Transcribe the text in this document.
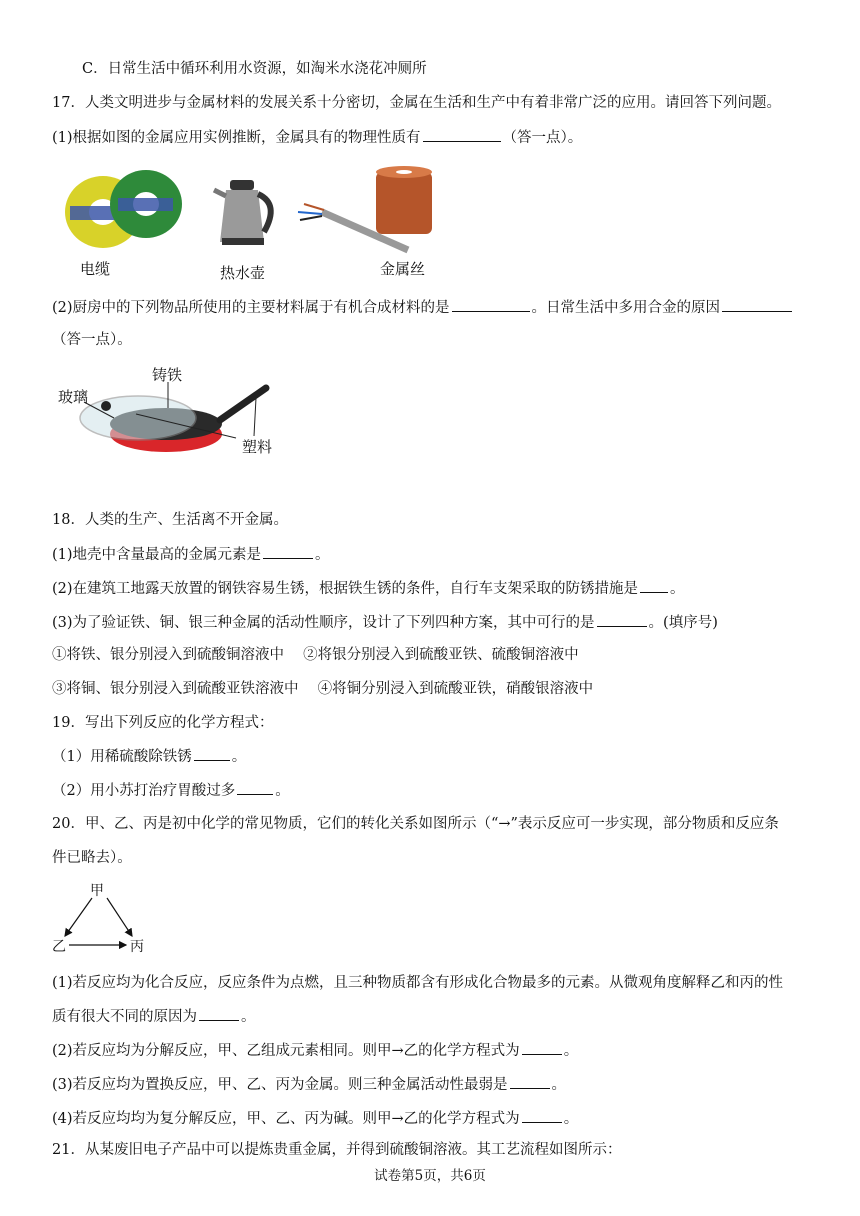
C．日常生活中循环利用水资源，如淘米水浇花冲厕所
17．人类文明进步与金属材料的发展关系十分密切，金属在生活和生产中有着非常广泛的应用。请回答下列问题。
(1)根据如图的金属应用实例推断，金属具有的物理性质有	（答一点）。
电缆	热水壶	金属丝
(2)厨房中的下列物品所使用的主要材料属于有机合成材料的是	。日常生活中多用合金的原因
（答一点）。
铸铁
玻璃
塑料
18．人类的生产、生活离不开金属。
(1)地壳中含量最高的金属元素是	。
(2)在建筑工地露天放置的钢铁容易生锈，根据铁生锈的条件，自行车支架采取的防锈措施是 。
(3)为了验证铁、铜、银三种金属的活动性顺序，设计了下列四种方案，其中可行的是	。(填序号)
①将铁、银分别浸入到硫酸铜溶液中　 ②将银分别浸入到硫酸亚铁、硫酸铜溶液中
③将铜、银分别浸入到硫酸亚铁溶液中　 ④将铜分别浸入到硫酸亚铁，硝酸银溶液中
19．写出下列反应的化学方程式：
（1）用稀硫酸除铁锈	。
（2）用小苏打治疗胃酸过多	。
20．甲、乙、丙是初中化学的常见物质，它们的转化关系如图所示（“→”表示反应可一步实现，部分物质和反应条
件已略去）。
甲
乙	丙
(1)若反应均为化合反应，反应条件为点燃，且三种物质都含有形成化合物最多的元素。从微观角度解释乙和丙的性
质有很大不同的原因为	。
(2)若反应均为分解反应，甲、乙组成元素相同。则甲→乙的化学方程式为	。
(3)若反应均为置换反应，甲、乙、丙为金属。则三种金属活动性最弱是	。
(4)若反应均均为复分解反应，甲、乙、丙为碱。则甲→乙的化学方程式为	。
21．从某废旧电子产品中可以提炼贵重金属，并得到硫酸铜溶液。其工艺流程如图所示：
试卷第5页，共6页
